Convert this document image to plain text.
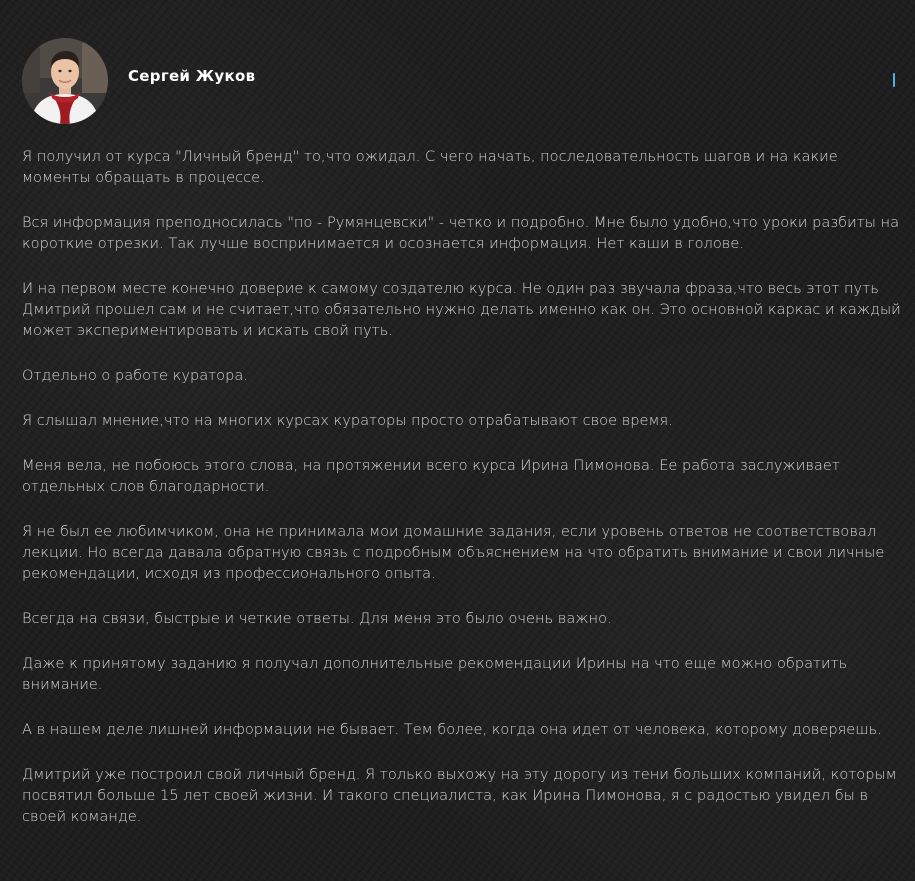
Сергей Жуков

Я получил от курса "Личный бренд" то,что ожидал. С чего начать, последовательность шагов и на какие моменты обращать в процессе.

Вся информация преподносилась "по - Румянцевски" - четко и подробно. Мне было удобно,что уроки разбиты на короткие отрезки. Так лучше воспринимается и осознается информация. Нет каши в голове.

И на первом месте конечно доверие к самому создателю курса. Не один раз звучала фраза,что весь этот путь Дмитрий прошел сам и не считает,что обязательно нужно делать именно как он. Это основной каркас и каждый может экспериментировать и искать свой путь.

Отдельно о работе куратора.

Я слышал мнение,что на многих курсах кураторы просто отрабатывают свое время.

Меня вела, не побоюсь этого слова, на протяжении всего курса Ирина Пимонова. Ее работа заслуживает отдельных слов благодарности.

Я не был ее любимчиком, она не принимала мои домашние задания, если уровень ответов не соответствовал лекции. Но всегда давала обратную связь с подробным объяснением на что обратить внимание и свои личные рекомендации, исходя из профессионального опыта.

Всегда на связи, быстрые и четкие ответы. Для меня это было очень важно.

Даже к принятому заданию я получал дополнительные рекомендации Ирины на что еще можно обратить внимание.

А в нашем деле лишней информации не бывает. Тем более, когда она идет от человека, которому доверяешь.

Дмитрий уже построил свой личный бренд. Я только выхожу на эту дорогу из тени больших компаний, которым посвятил больше 15 лет своей жизни. И такого специалиста, как Ирина Пимонова, я с радостью увидел бы в своей команде.
